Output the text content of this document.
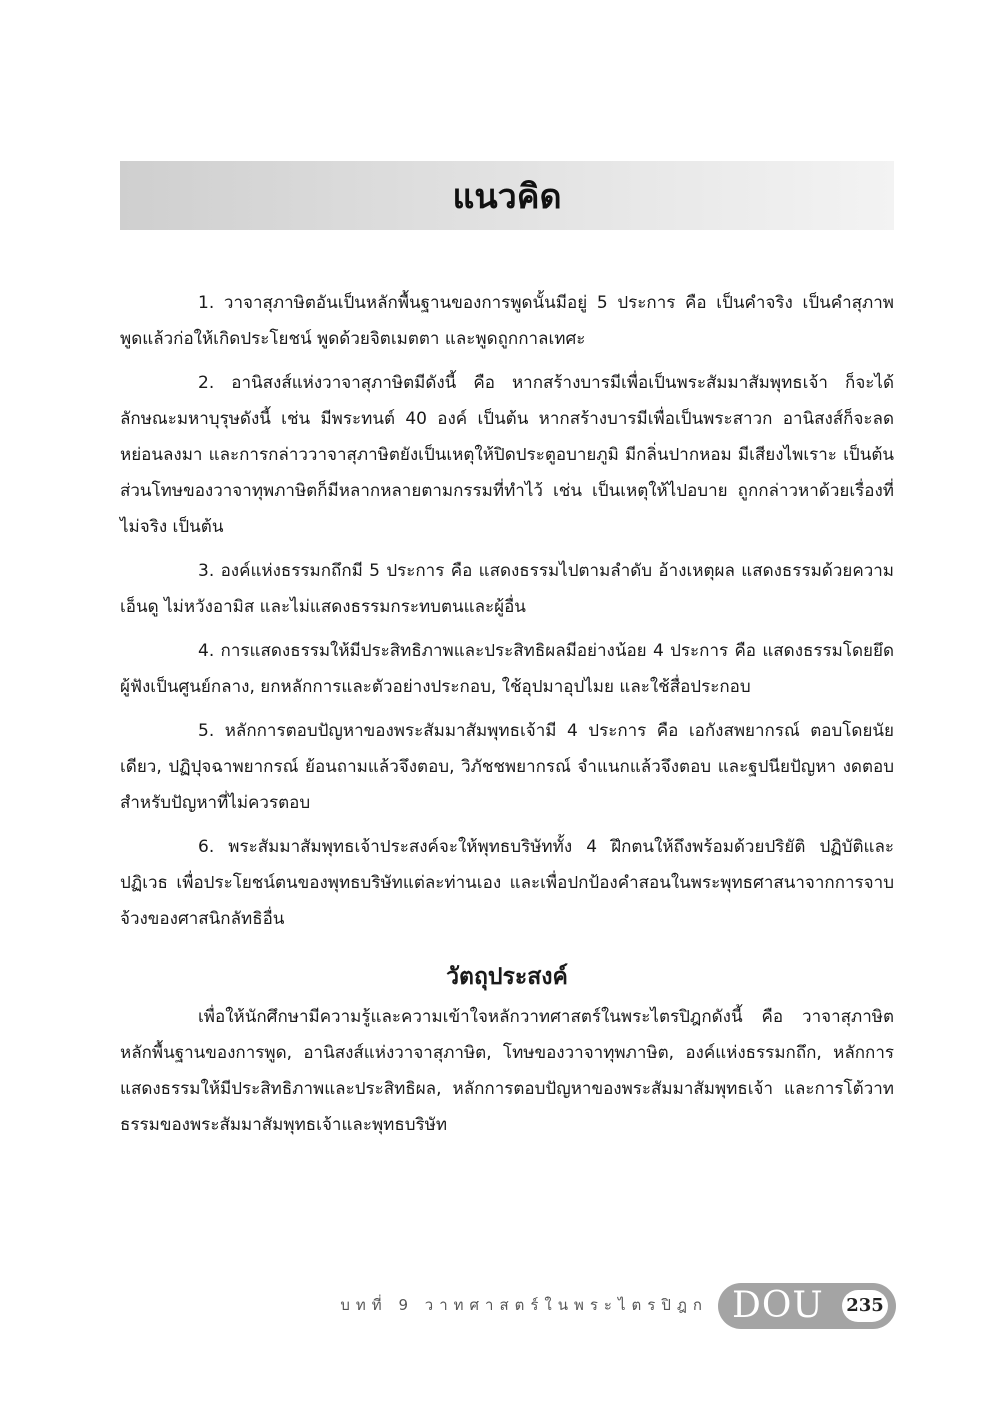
แนวคิด

1. วาจาสุภาษิตอันเป็นหลักพื้นฐานของการพูดนั้นมีอยู่ 5 ประการ คือ เป็นคำจริง เป็นคำสุภาพ พูดแล้วก่อให้เกิดประโยชน์ พูดด้วยจิตเมตตา และพูดถูกกาลเทศะ

2. อานิสงส์แห่งวาจาสุภาษิตมีดังนี้ คือ หากสร้างบารมีเพื่อเป็นพระสัมมาสัมพุทธเจ้า ก็จะได้ลักษณะมหาบุรุษดังนี้ เช่น มีพระทนต์ 40 องค์ เป็นต้น หากสร้างบารมีเพื่อเป็นพระสาวก อานิสงส์ก็จะลดหย่อนลงมา และการกล่าววาจาสุภาษิตยังเป็นเหตุให้ปิดประตูอบายภูมิ มีกลิ่นปากหอม มีเสียงไพเราะ เป็นต้น ส่วนโทษของวาจาทุพภาษิตก็มีหลากหลายตามกรรมที่ทำไว้ เช่น เป็นเหตุให้ไปอบาย ถูกกล่าวหาด้วยเรื่องที่ไม่จริง เป็นต้น

3. องค์แห่งธรรมกถึกมี 5 ประการ คือ แสดงธรรมไปตามลำดับ อ้างเหตุผล แสดงธรรมด้วยความเอ็นดู ไม่หวังอามิส และไม่แสดงธรรมกระทบตนและผู้อื่น

4. การแสดงธรรมให้มีประสิทธิภาพและประสิทธิผลมีอย่างน้อย 4 ประการ คือ แสดงธรรมโดยยึดผู้ฟังเป็นศูนย์กลาง, ยกหลักการและตัวอย่างประกอบ, ใช้อุปมาอุปไมย และใช้สื่อประกอบ

5. หลักการตอบปัญหาของพระสัมมาสัมพุทธเจ้ามี 4 ประการ คือ เอกังสพยากรณ์ ตอบโดยนัยเดียว, ปฏิปุจฉาพยากรณ์ ย้อนถามแล้วจึงตอบ, วิภัชชพยากรณ์ จำแนกแล้วจึงตอบ และฐปนียปัญหา งดตอบสำหรับปัญหาที่ไม่ควรตอบ

6. พระสัมมาสัมพุทธเจ้าประสงค์จะให้พุทธบริษัททั้ง 4 ฝึกตนให้ถึงพร้อมด้วยปริยัติ ปฏิบัติและปฏิเวธ เพื่อประโยชน์ตนของพุทธบริษัทแต่ละท่านเอง และเพื่อปกป้องคำสอนในพระพุทธศาสนาจากการจาบจ้วงของศาสนิกลัทธิอื่น

วัตถุประสงค์

เพื่อให้นักศึกษามีความรู้และความเข้าใจหลักวาทศาสตร์ในพระไตรปิฎกดังนี้ คือ วาจาสุภาษิตหลักพื้นฐานของการพูด, อานิสงส์แห่งวาจาสุภาษิต, โทษของวาจาทุพภาษิต, องค์แห่งธรรมกถึก, หลักการแสดงธรรมให้มีประสิทธิภาพและประสิทธิผล, หลักการตอบปัญหาของพระสัมมาสัมพุทธเจ้า และการโต้วาทธรรมของพระสัมมาสัมพุทธเจ้าและพุทธบริษัท

บทที่ 9 วาทศาสตร์ในพระไตรปิฎก DOU 235
